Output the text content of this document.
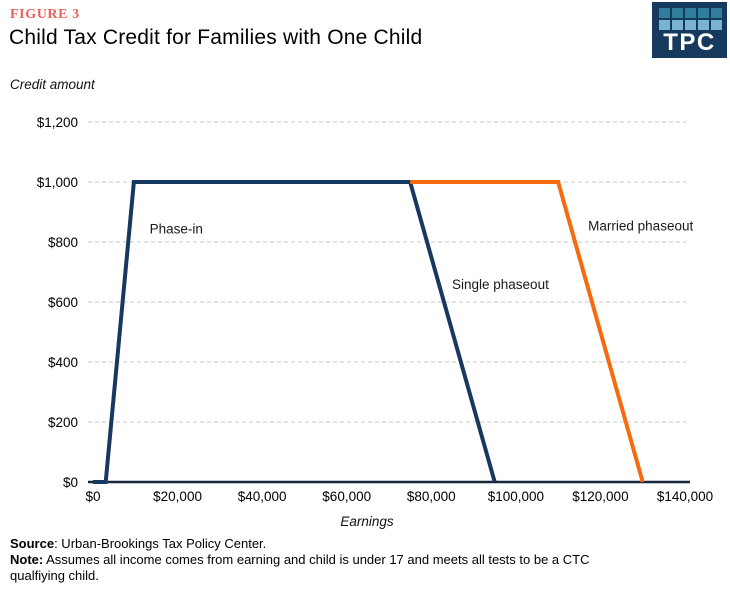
FIGURE 3
Child Tax Credit for Families with One Child	TPC
Credit amount
$0
$200
$400
$600
$800
$1,000
$1,200
$0	$20,000	$40,000	$60,000	$80,000 $100,000 $120,000 $140,000
Phase-in
Single phaseout
Married phaseout
Earnings
Source: Urban-Brookings Tax Policy Center.
Note: Assumes all income comes from earning and child is under 17 and meets all tests to be a CTC qualfiying child.
